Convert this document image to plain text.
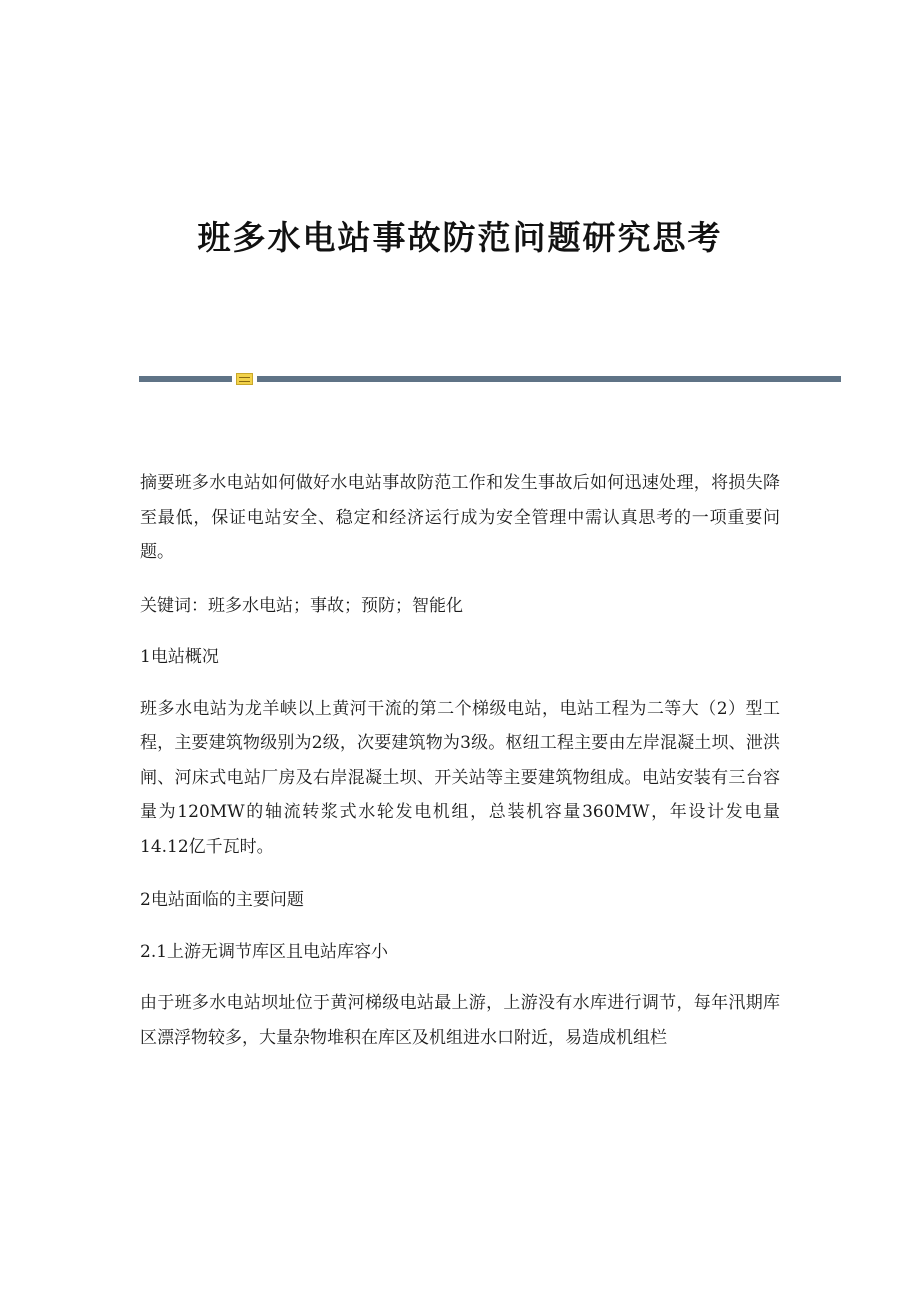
班多水电站事故防范问题研究思考

摘要班多水电站如何做好水电站事故防范工作和发生事故后如何迅速处理，将损失降至最低，保证电站安全、稳定和经济运行成为安全管理中需认真思考的一项重要问题。

关键词：班多水电站；事故；预防；智能化

1电站概况

班多水电站为龙羊峡以上黄河干流的第二个梯级电站，电站工程为二等大（2）型工程，主要建筑物级别为2级，次要建筑物为3级。枢纽工程主要由左岸混凝土坝、泄洪闸、河床式电站厂房及右岸混凝土坝、开关站等主要建筑物组成。电站安装有三台容量为120MW的轴流转浆式水轮发电机组，总装机容量360MW，年设计发电量14.12亿千瓦时。

2电站面临的主要问题

2.1上游无调节库区且电站库容小

由于班多水电站坝址位于黄河梯级电站最上游，上游没有水库进行调节，每年汛期库区漂浮物较多，大量杂物堆积在库区及机组进水口附近，易造成机组栏
